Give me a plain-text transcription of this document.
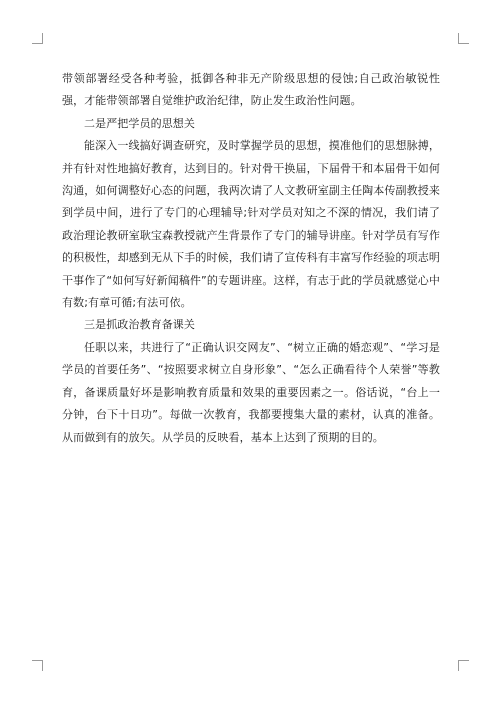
带领部署经受各种考验，抵御各种非无产阶级思想的侵蚀;自己政治敏锐性强，才能带领部署自觉维护政治纪律，防止发生政治性问题。

二是严把学员的思想关

能深入一线搞好调查研究，及时掌握学员的思想，摸准他们的思想脉搏，并有针对性地搞好教育，达到目的。针对骨干换届，下届骨干和本届骨干如何沟通，如何调整好心态的问题，我两次请了人文教研室副主任陶本传副教授来到学员中间，进行了专门的心理辅导;针对学员对知之不深的情况，我们请了政治理论教研室耿宝森教授就产生背景作了专门的辅导讲座。针对学员有写作的积极性，却感到无从下手的时候，我们请了宣传科有丰富写作经验的项志明干事作了“如何写好新闻稿件”的专题讲座。这样，有志于此的学员就感觉心中有数;有章可循;有法可依。

三是抓政治教育备课关

任职以来，共进行了“正确认识交网友”、“树立正确的婚恋观”、“学习是学员的首要任务”、“按照要求树立自身形象”、“怎么正确看待个人荣誉”等教育，备课质量好坏是影响教育质量和效果的重要因素之一。俗话说，“台上一分钟，台下十日功”。每做一次教育，我都要搜集大量的素材，认真的准备。从而做到有的放矢。从学员的反映看，基本上达到了预期的目的。
